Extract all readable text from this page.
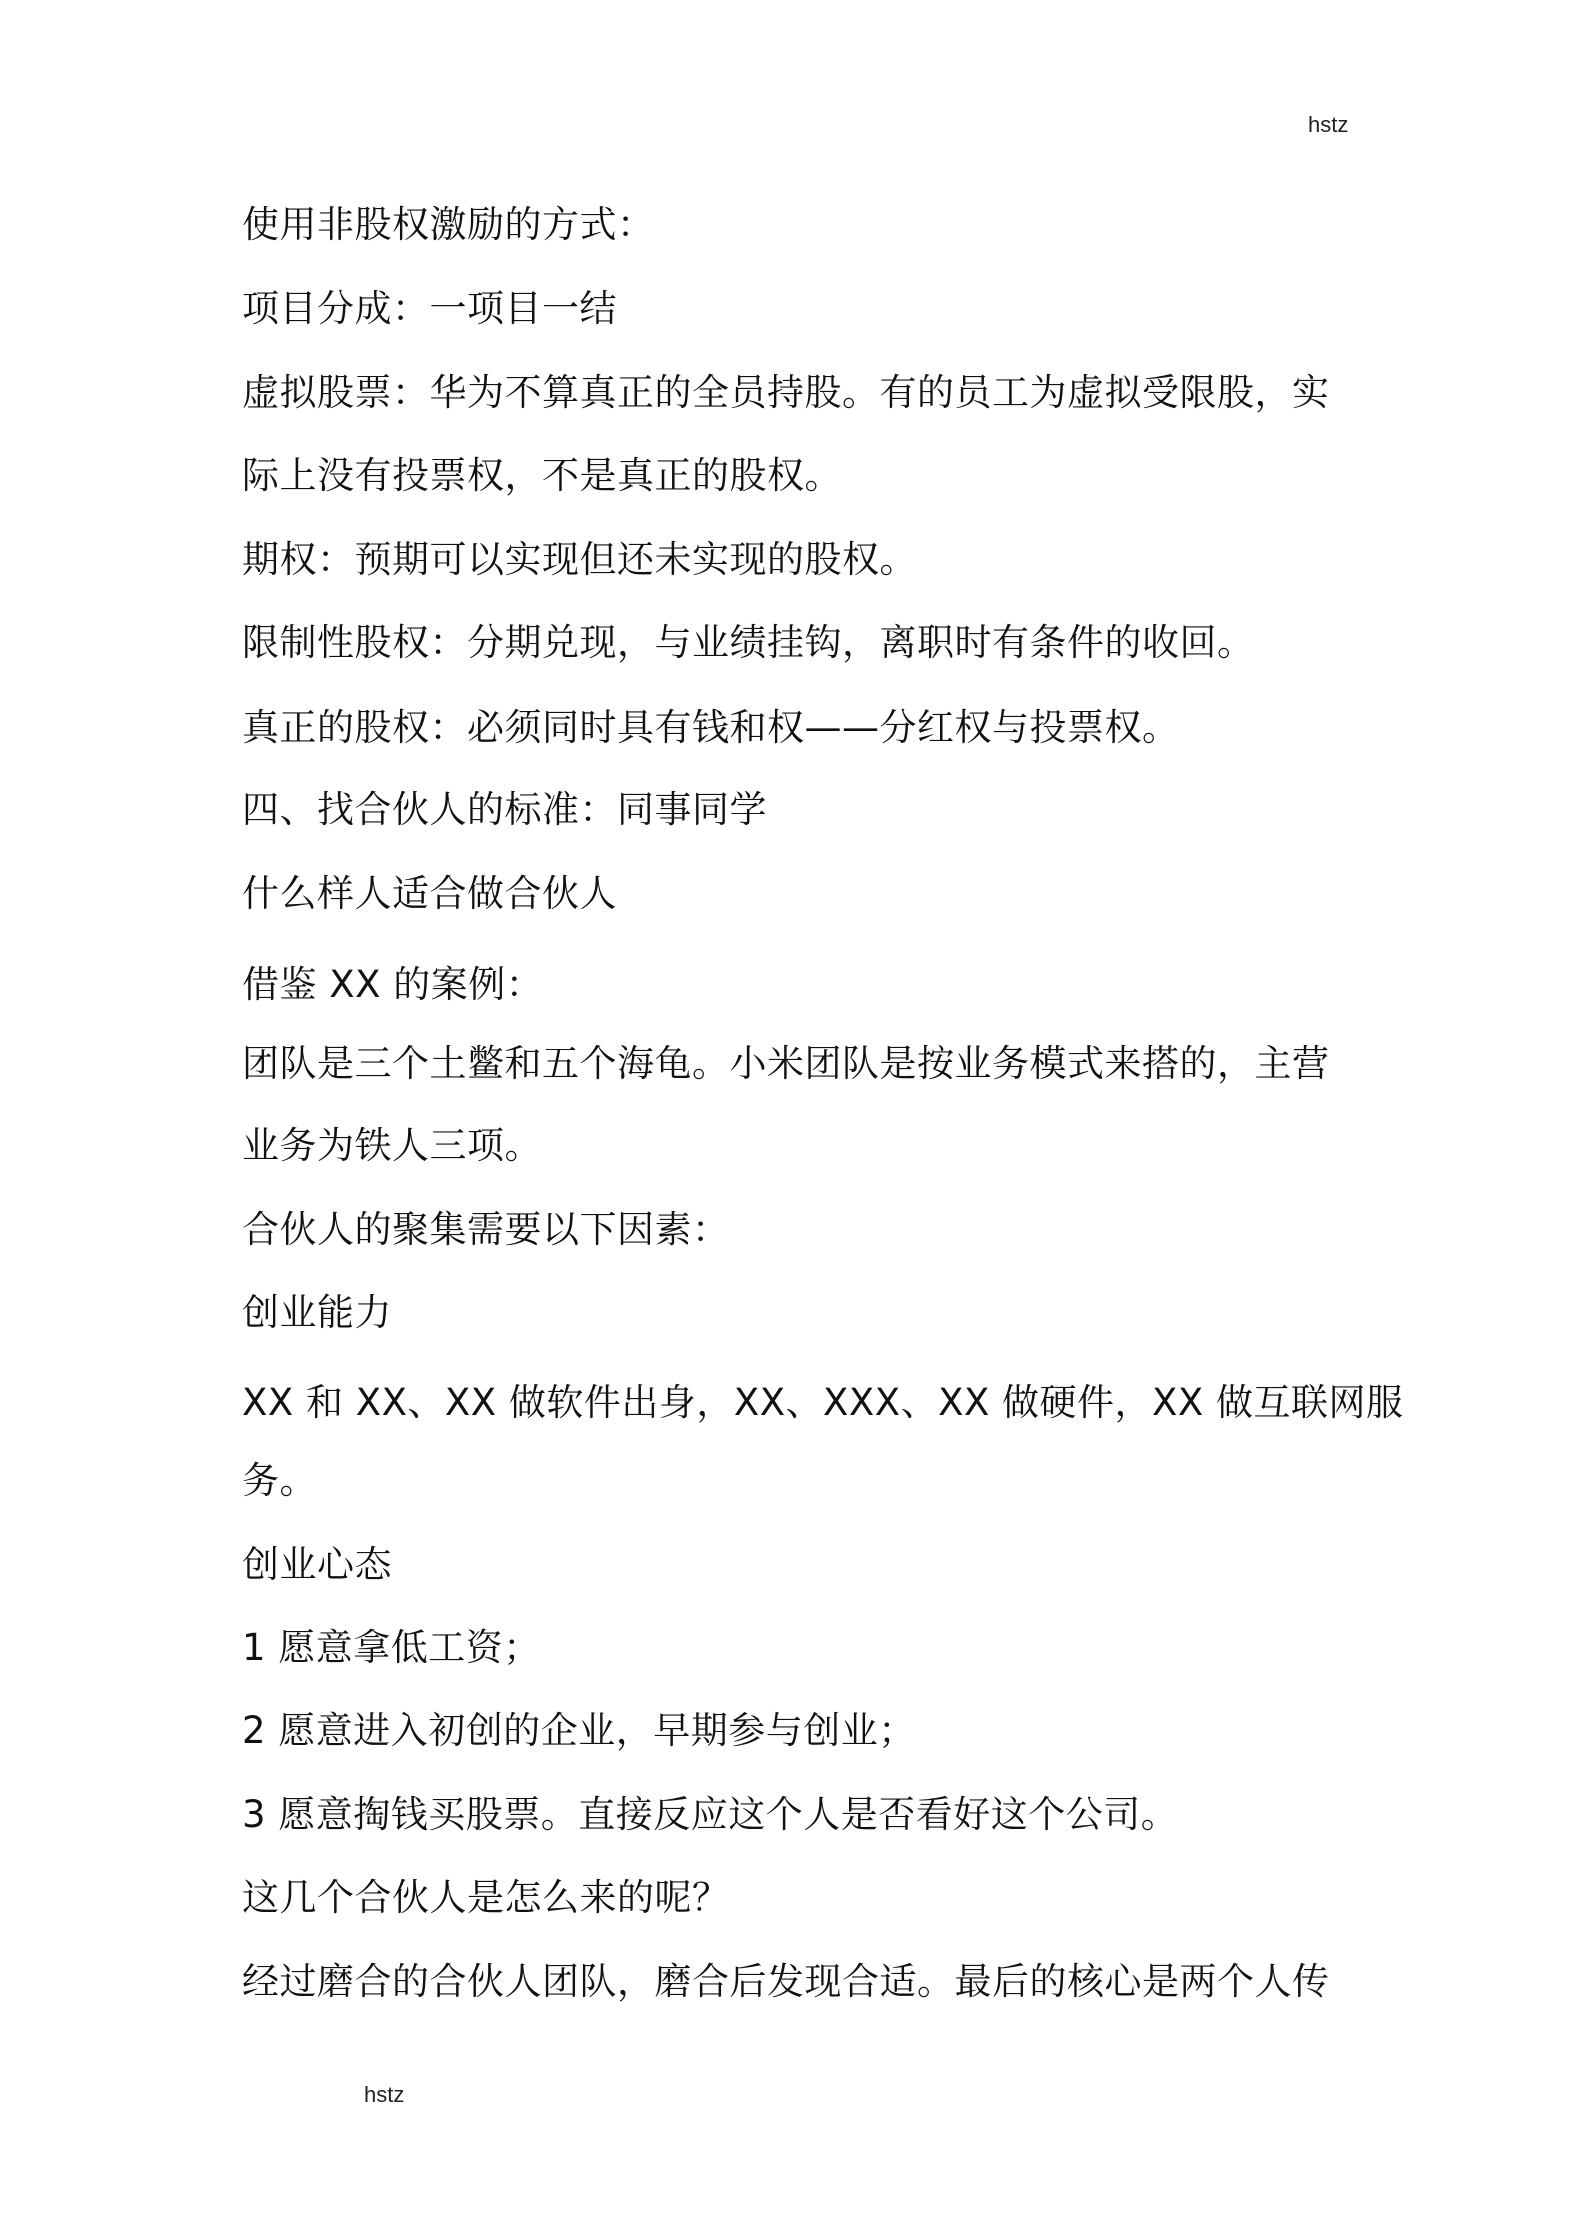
hstz
使用非股权激励的方式：
项目分成：一项目一结
虚拟股票：华为不算真正的全员持股。有的员工为虚拟受限股，实
际上没有投票权，不是真正的股权。
期权：预期可以实现但还未实现的股权。
限制性股权：分期兑现，与业绩挂钩，离职时有条件的收回。
真正的股权：必须同时具有钱和权——分红权与投票权。
四、找合伙人的标准：同事同学
什么样人适合做合伙人
借鉴 XX 的案例：
团队是三个土鳖和五个海龟。小米团队是按业务模式来搭的，主营
业务为铁人三项。
合伙人的聚集需要以下因素：
创业能力
XX 和 XX、XX 做软件出身，XX、XXX、XX 做硬件，XX 做互联网服
务。
创业心态
1 愿意拿低工资；
2 愿意进入初创的企业，早期参与创业；
3 愿意掏钱买股票。直接反应这个人是否看好这个公司。
这几个合伙人是怎么来的呢？
经过磨合的合伙人团队，磨合后发现合适。最后的核心是两个人传
hstz
